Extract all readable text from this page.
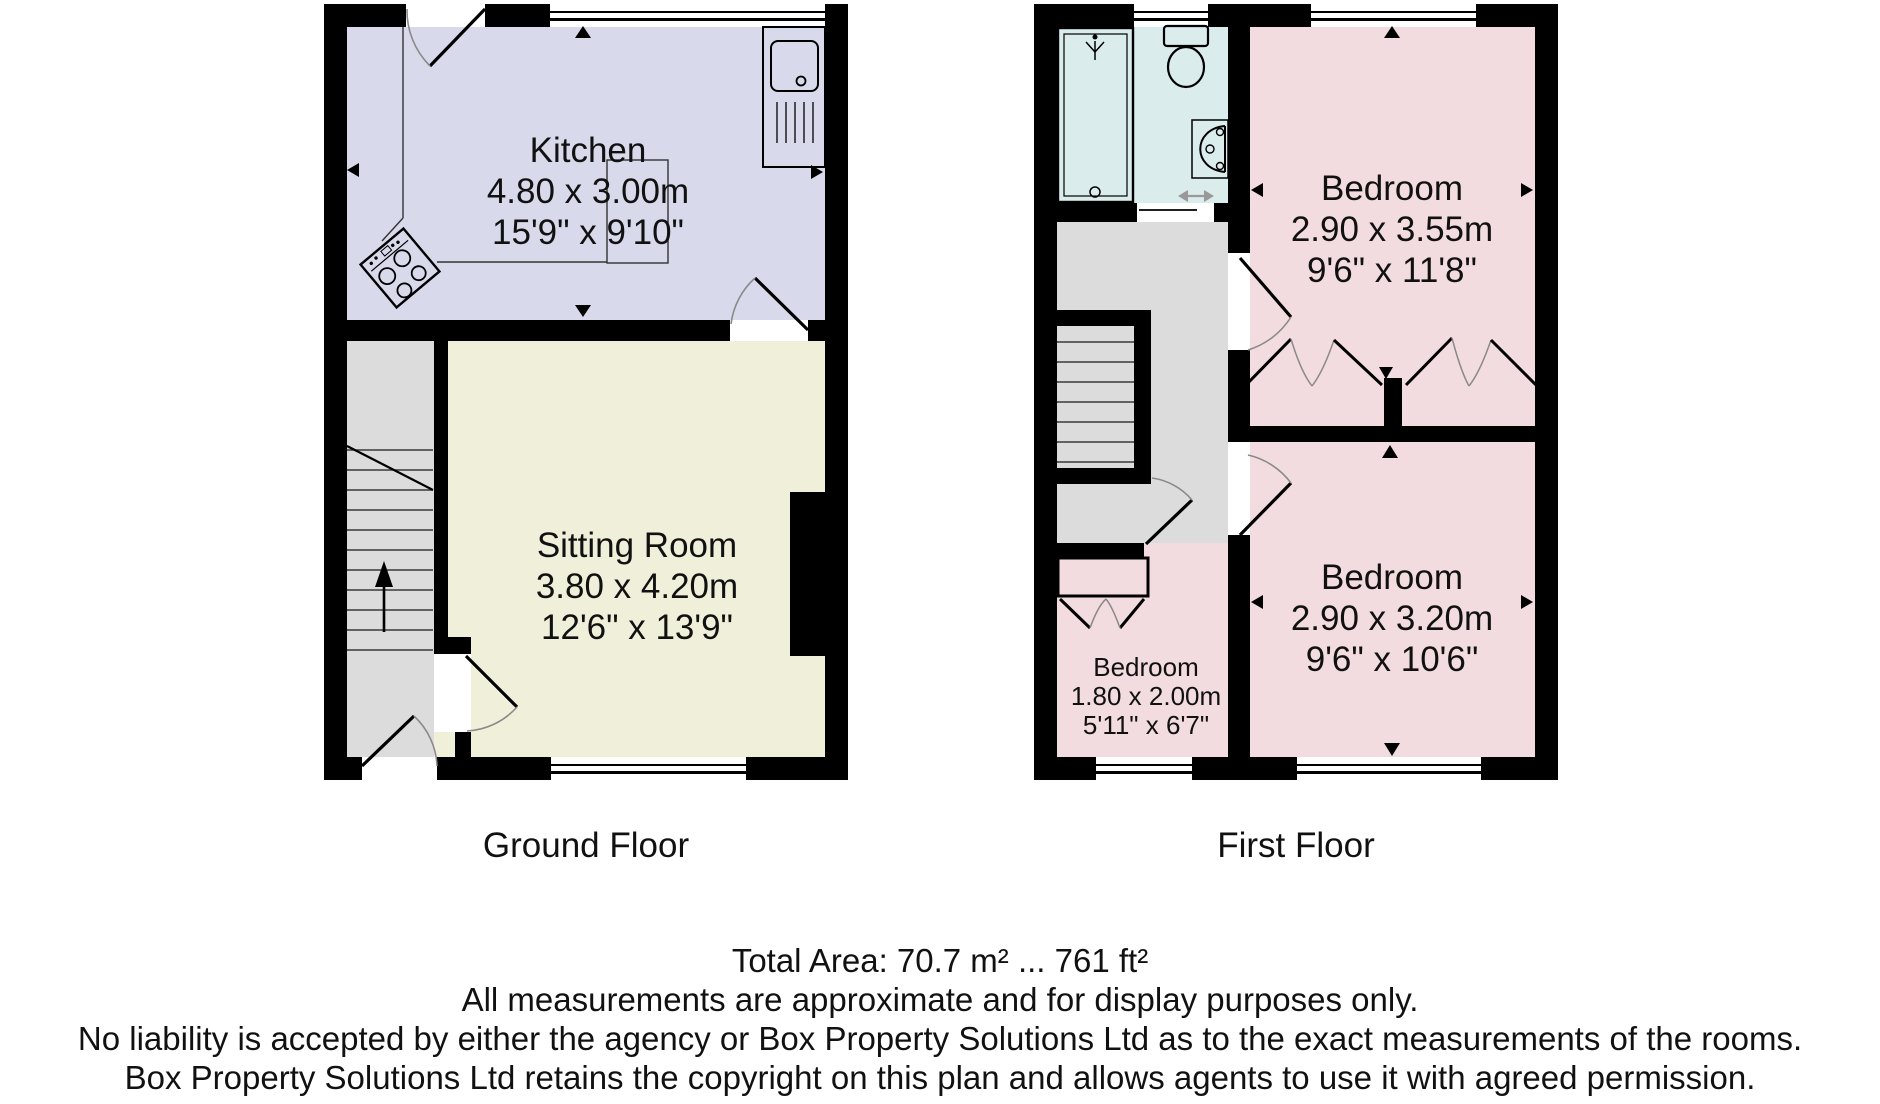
Kitchen
4.80 x 3.00m
15'9" x 9'10"
Sitting Room
3.80 x 4.20m
12'6" x 13'9"
Bedroom
2.90 x 3.55m
9'6" x 11'8"
Bedroom
2.90 x 3.20m
9'6" x 10'6"
Bedroom
1.80 x 2.00m
5'11" x 6'7"
Ground Floor	First Floor
Total Area: 70.7 m² ... 761 ft²
All measurements are approximate and for display purposes only.
No liability is accepted by either the agency or Box Property Solutions Ltd as to the exact measurements of the rooms.
Box Property Solutions Ltd retains the copyright on this plan and allows agents to use it with agreed permission.
